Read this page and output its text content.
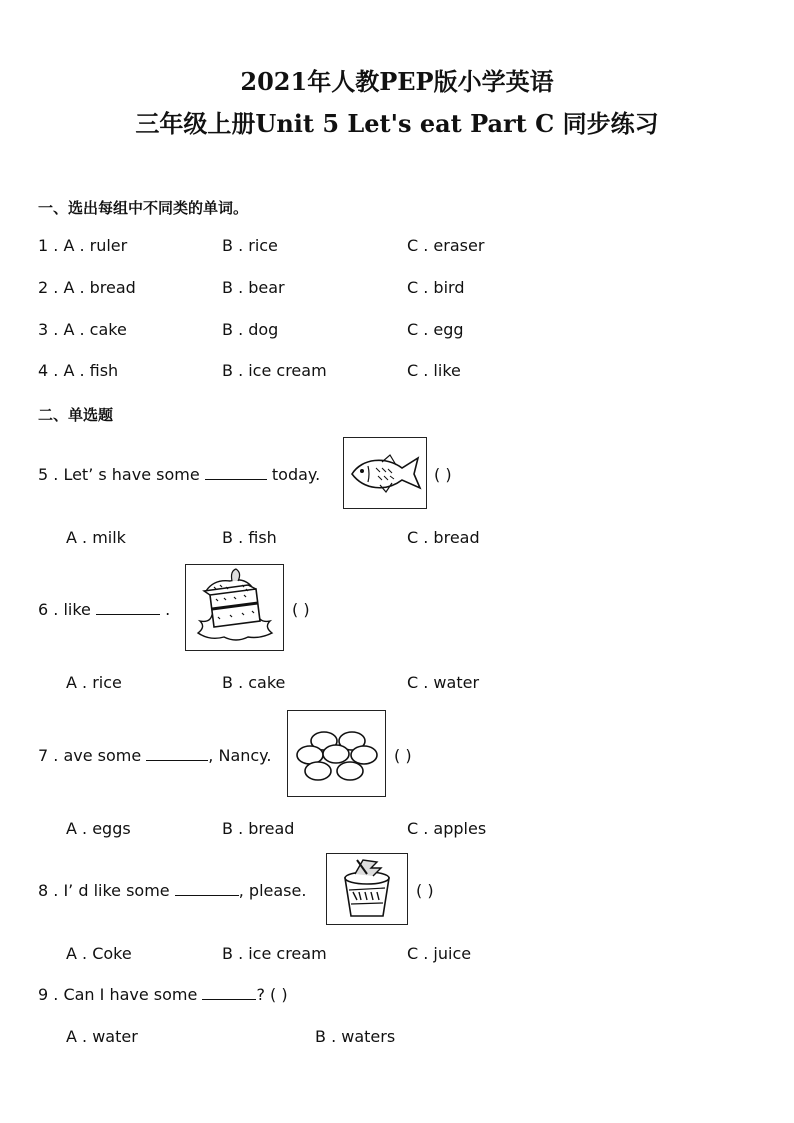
2021年人教PEP版小学英语
三年级上册Unit 5 Let's eat Part C 同步练习
一、选出每组中不同类的单词。
1 . A . ruler	B . rice	C . eraser
2 . A . bread	B . bear	C . bird
3 . A . cake	B . dog	C . egg
4 . A . fish	B . ice cream	C . like
二、单选题
5 . Let’ s have some	today.	( )
A . milk	B . fish	C . bread
6 . like	.	( )
A . rice	B . cake	C . water
7 . ave some	, Nancy.	( )
A . eggs	B . bread	C . apples
8 . I’ d like some	, please.	( )
A . Coke	B . ice cream	C . juice
9 . Can I have some	? ( )
A . water	B . waters
